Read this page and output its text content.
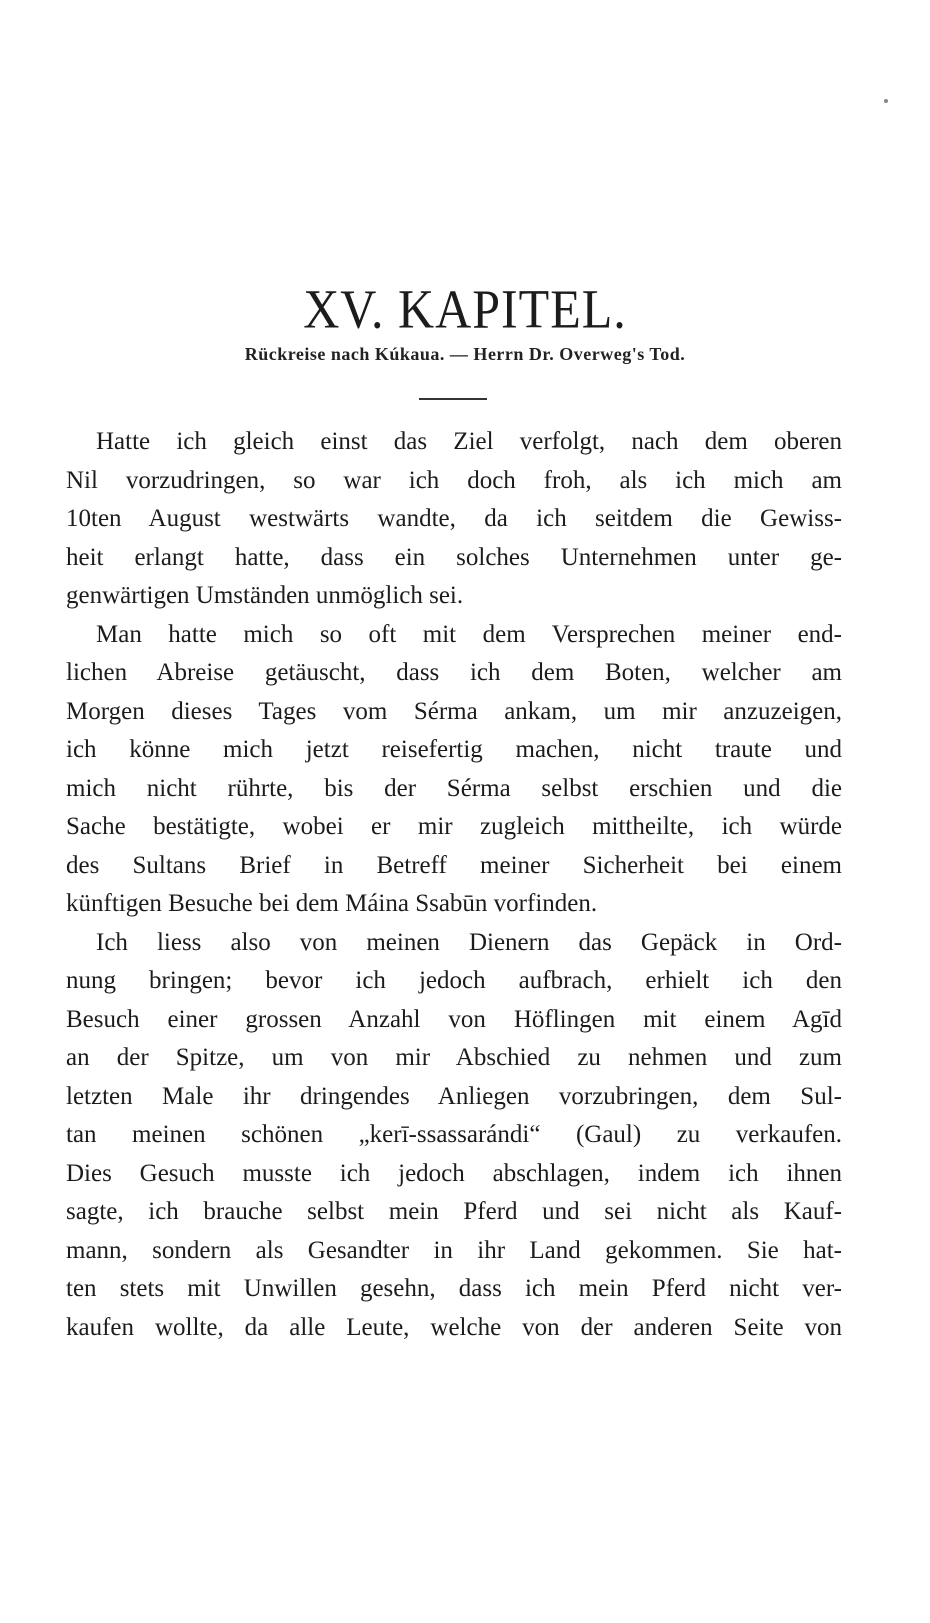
XV. KAPITEL.
Rückreise nach Kúkaua. — Herrn Dr. Overweg's Tod.
Hatte ich gleich einst das Ziel verfolgt, nach dem oberen
Nil vorzudringen, so war ich doch froh, als ich mich am
10ten August westwärts wandte, da ich seitdem die Gewiss-
heit erlangt hatte, dass ein solches Unternehmen unter ge-
genwärtigen Umständen unmöglich sei.
Man hatte mich so oft mit dem Versprechen meiner end-
lichen Abreise getäuscht, dass ich dem Boten, welcher am
Morgen dieses Tages vom Sérma ankam, um mir anzuzeigen,
ich könne mich jetzt reisefertig machen, nicht traute und
mich nicht rührte, bis der Sérma selbst erschien und die
Sache bestätigte, wobei er mir zugleich mittheilte, ich würde
des Sultans Brief in Betreff meiner Sicherheit bei einem
künftigen Besuche bei dem Máina Ssabūn vorfinden.
Ich liess also von meinen Dienern das Gepäck in Ord-
nung bringen; bevor ich jedoch aufbrach, erhielt ich den
Besuch einer grossen Anzahl von Höflingen mit einem Agīd
an der Spitze, um von mir Abschied zu nehmen und zum
letzten Male ihr dringendes Anliegen vorzubringen, dem Sul-
tan meinen schönen „kerī-ssassarándi“ (Gaul) zu verkaufen.
Dies Gesuch musste ich jedoch abschlagen, indem ich ihnen
sagte, ich brauche selbst mein Pferd und sei nicht als Kauf-
mann, sondern als Gesandter in ihr Land gekommen. Sie hat-
ten stets mit Unwillen gesehn, dass ich mein Pferd nicht ver-
kaufen wollte, da alle Leute, welche von der anderen Seite von
